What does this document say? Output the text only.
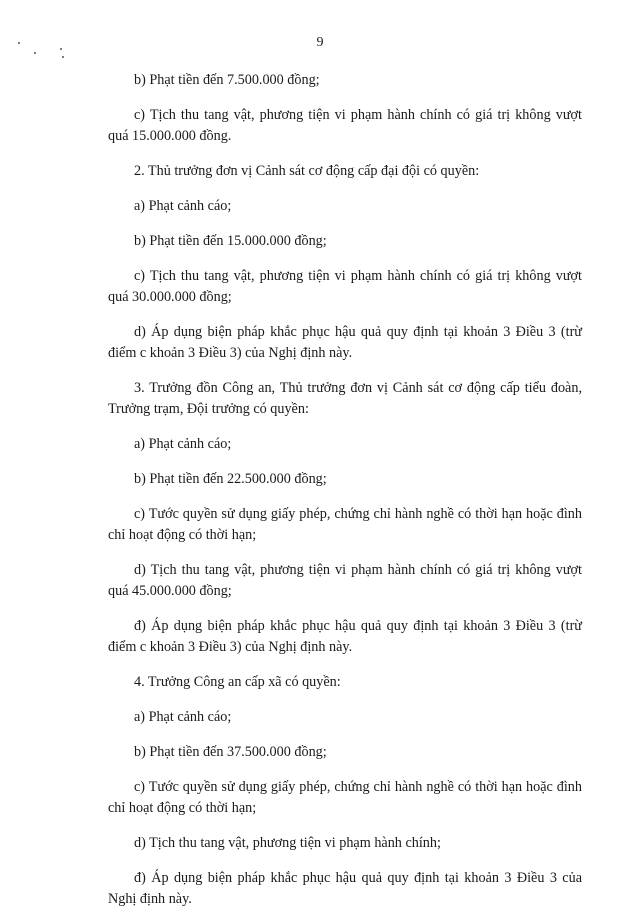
9

b) Phạt tiền đến 7.500.000 đồng;

c) Tịch thu tang vật, phương tiện vi phạm hành chính có giá trị không vượt quá 15.000.000 đồng.

2. Thủ trưởng đơn vị Cảnh sát cơ động cấp đại đội có quyền:

a) Phạt cảnh cáo;

b) Phạt tiền đến 15.000.000 đồng;

c) Tịch thu tang vật, phương tiện vi phạm hành chính có giá trị không vượt quá 30.000.000 đồng;

d) Áp dụng biện pháp khắc phục hậu quả quy định tại khoản 3 Điều 3 (trừ điểm c khoản 3 Điều 3) của Nghị định này.

3. Trưởng đồn Công an, Thủ trưởng đơn vị Cảnh sát cơ động cấp tiểu đoàn, Trưởng trạm, Đội trưởng có quyền:

a) Phạt cảnh cáo;

b) Phạt tiền đến 22.500.000 đồng;

c) Tước quyền sử dụng giấy phép, chứng chỉ hành nghề có thời hạn hoặc đình chỉ hoạt động có thời hạn;

d) Tịch thu tang vật, phương tiện vi phạm hành chính có giá trị không vượt quá 45.000.000 đồng;

đ) Áp dụng biện pháp khắc phục hậu quả quy định tại khoản 3 Điều 3 (trừ điểm c khoản 3 Điều 3) của Nghị định này.

4. Trưởng Công an cấp xã có quyền:

a) Phạt cảnh cáo;

b) Phạt tiền đến 37.500.000 đồng;

c) Tước quyền sử dụng giấy phép, chứng chỉ hành nghề có thời hạn hoặc đình chỉ hoạt động có thời hạn;

d) Tịch thu tang vật, phương tiện vi phạm hành chính;

đ) Áp dụng biện pháp khắc phục hậu quả quy định tại khoản 3 Điều 3 của Nghị định này.
